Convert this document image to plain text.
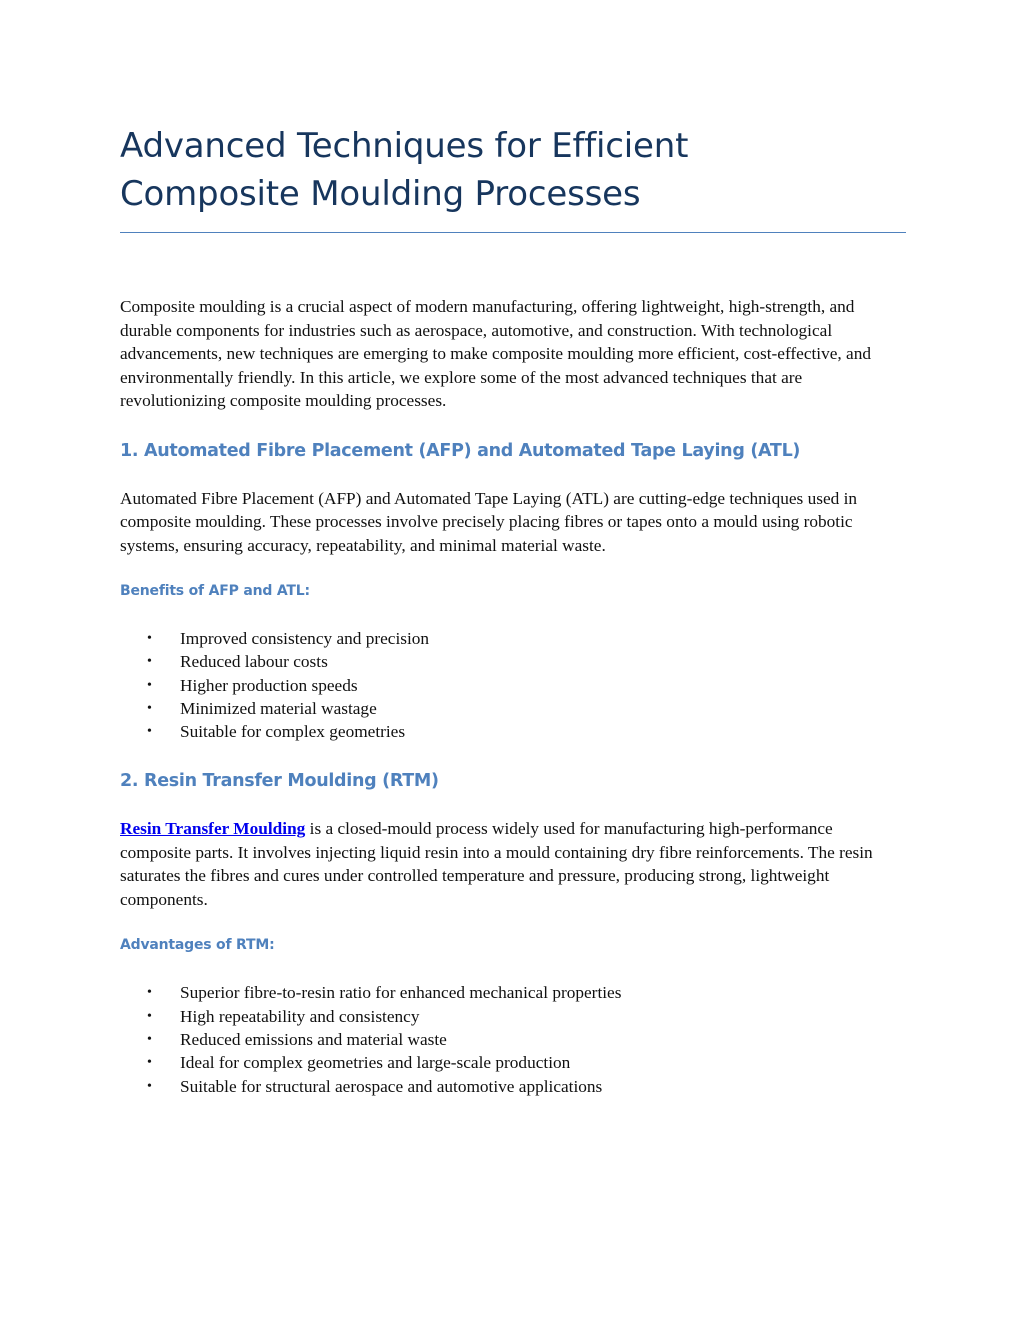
Advanced Techniques for Efficient
Composite Moulding Processes

Composite moulding is a crucial aspect of modern manufacturing, offering lightweight, high-strength, and durable components for industries such as aerospace, automotive, and construction. With technological advancements, new techniques are emerging to make composite moulding more efficient, cost-effective, and environmentally friendly. In this article, we explore some of the most advanced techniques that are revolutionizing composite moulding processes.

1. Automated Fibre Placement (AFP) and Automated Tape Laying (ATL)

Automated Fibre Placement (AFP) and Automated Tape Laying (ATL) are cutting-edge techniques used in composite moulding. These processes involve precisely placing fibres or tapes onto a mould using robotic systems, ensuring accuracy, repeatability, and minimal material waste.

Benefits of AFP and ATL:
• Improved consistency and precision
• Reduced labour costs
• Higher production speeds
• Minimized material wastage
• Suitable for complex geometries
2. Resin Transfer Moulding (RTM)

Resin Transfer Moulding is a closed-mould process widely used for manufacturing high-performance composite parts. It involves injecting liquid resin into a mould containing dry fibre reinforcements. The resin saturates the fibres and cures under controlled temperature and pressure, producing strong, lightweight components.

Advantages of RTM:
• Superior fibre-to-resin ratio for enhanced mechanical properties
• High repeatability and consistency
• Reduced emissions and material waste
• Ideal for complex geometries and large-scale production
• Suitable for structural aerospace and automotive applications
